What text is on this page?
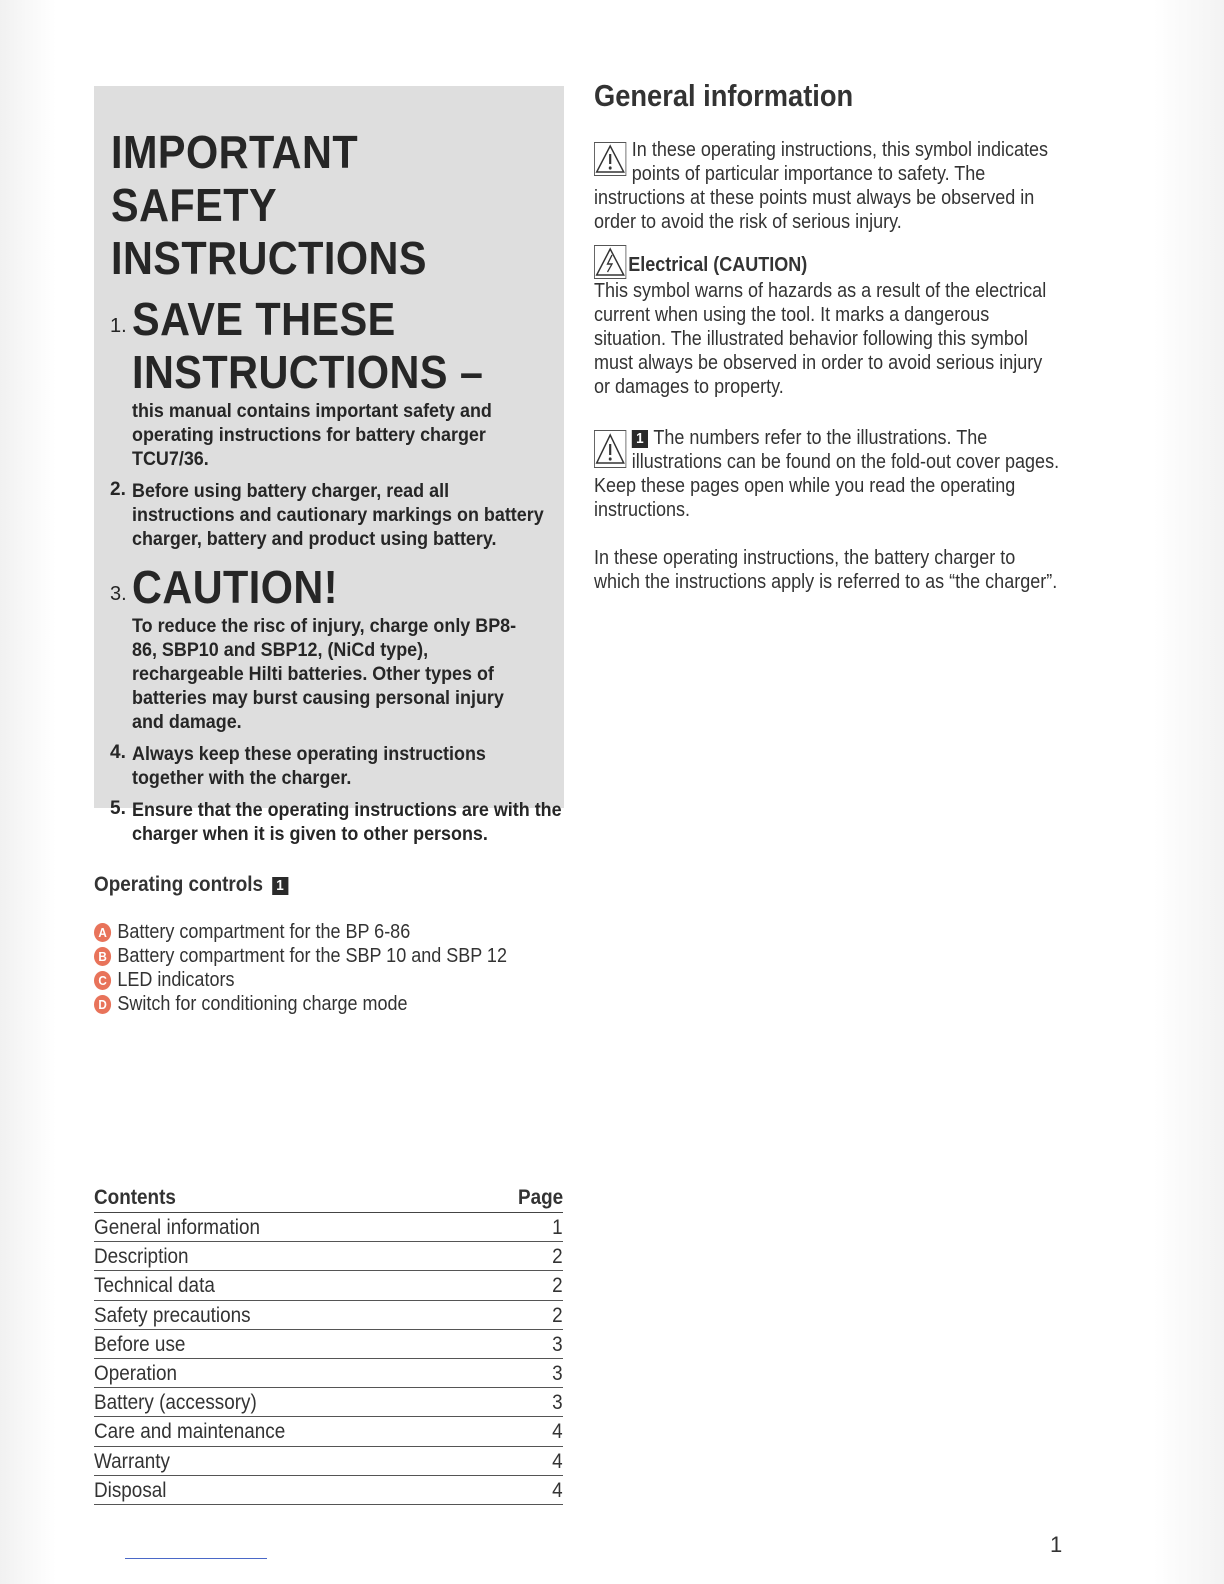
IMPORTANT SAFETY INSTRUCTIONS
1. SAVE THESE INSTRUCTIONS –
this manual contains important safety and operating instructions for battery charger TCU7/36.
2. Before using battery charger, read all instructions and cautionary markings on battery charger, battery and product using battery.
3. CAUTION!
To reduce the risc of injury, charge only BP8-86, SBP10 and SBP12, (NiCd type), rechargeable Hilti batteries. Other types of batteries may burst causing personal injury and damage.
4. Always keep these operating instructions together with the charger.
5. Ensure that the operating instructions are with the charger when it is given to other persons.
General information

In these operating instructions, this symbol indicates points of particular importance to safety. The instructions at these points must always be observed in order to avoid the risk of serious injury.

Electrical (CAUTION)
This symbol warns of hazards as a result of the electrical current when using the tool. It marks a dangerous situation. The illustrated behavior following this symbol must always be observed in order to avoid serious injury or damages to property.

1 The numbers refer to the illustrations. The illustrations can be found on the fold-out cover pages. Keep these pages open while you read the operating instructions.

In these operating instructions, the battery charger to which the instructions apply is referred to as “the charger”.

Operating controls 1
A Battery compartment for the BP 6-86
B Battery compartment for the SBP 10 and SBP 12
C LED indicators
D Switch for conditioning charge mode
Contents	Page
General information	1
Description	2
Technical data	2
Safety precautions	2
Before use	3
Operation	3
Battery (accessory)	3
Care and maintenance	4
Warranty	4
Disposal	4
1
